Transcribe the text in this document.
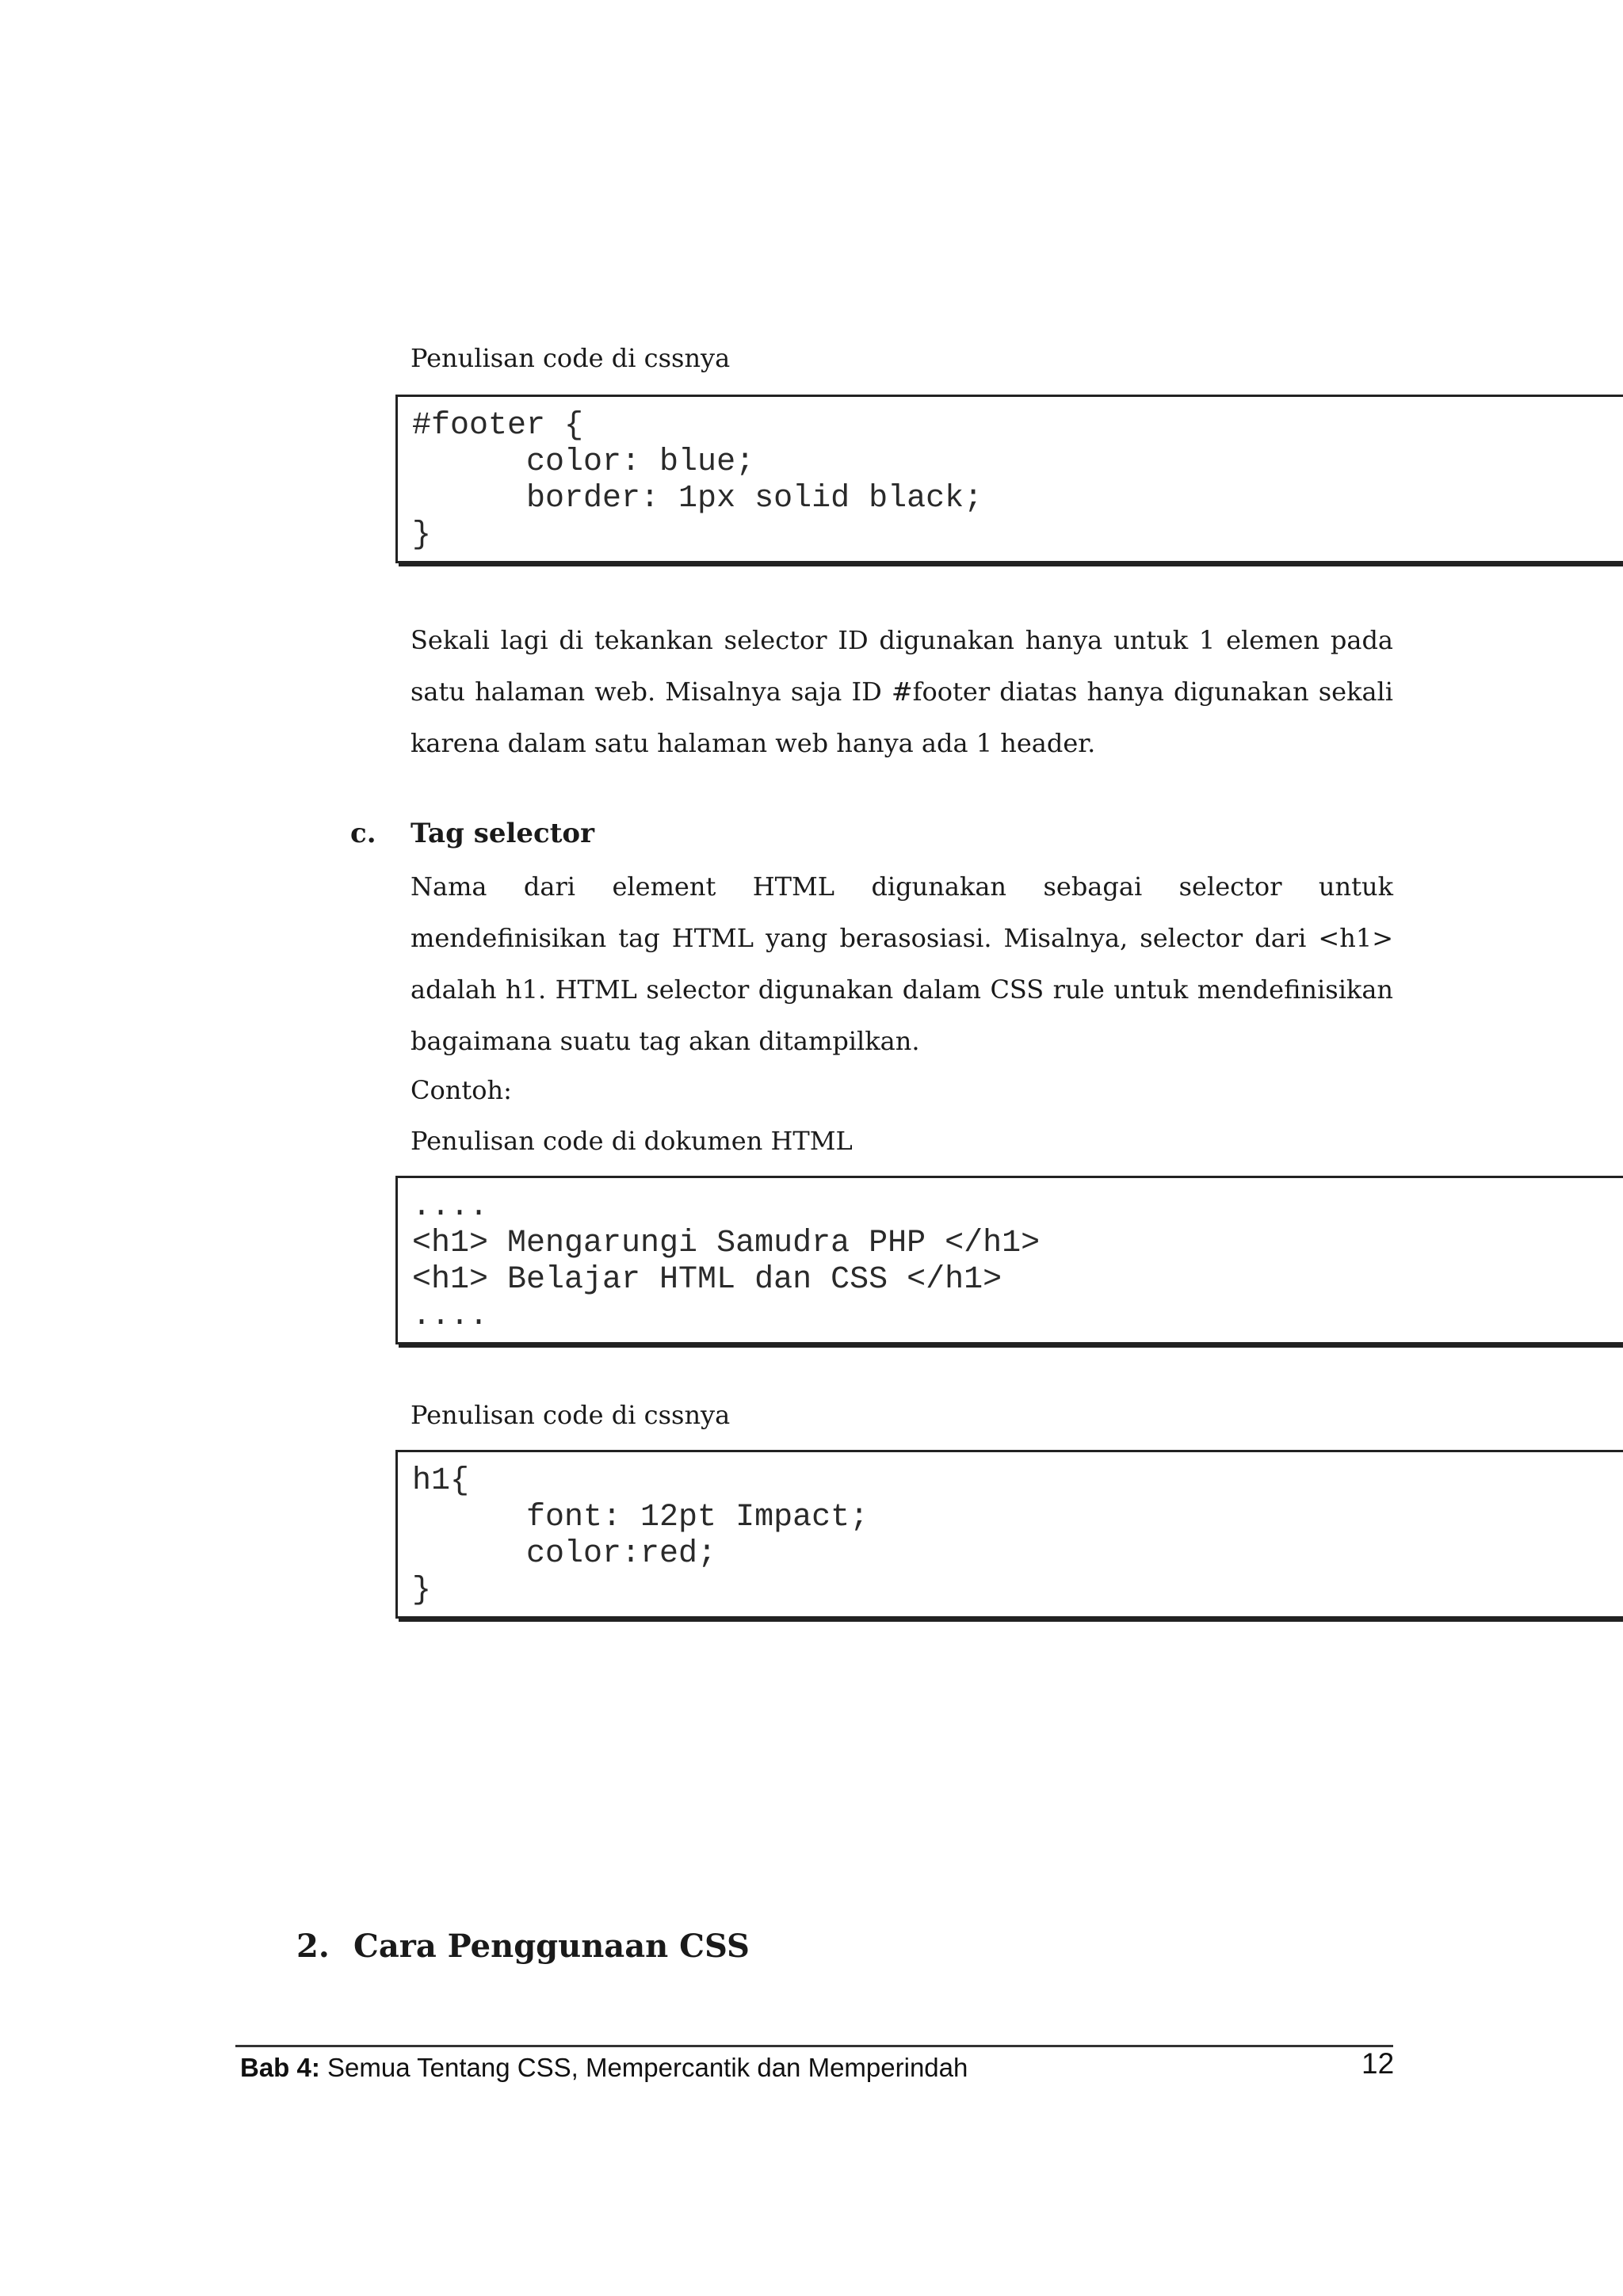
Penulisan code di cssnya
#footer {
color: blue;
border: 1px solid black;
}
Sekali lagi di tekankan selector ID digunakan hanya untuk 1 elemen pada satu halaman web. Misalnya saja ID #footer diatas hanya digunakan sekali karena dalam satu halaman web hanya ada 1 header.
c. Tag selector
Nama dari element HTML digunakan sebagai selector untuk mendefinisikan tag HTML yang berasosiasi. Misalnya, selector dari <h1> adalah h1. HTML selector digunakan dalam CSS rule untuk mendefinisikan bagaimana suatu tag akan ditampilkan.
Contoh:
Penulisan code di dokumen HTML
....
<h1> Mengarungi Samudra PHP </h1>
<h1> Belajar HTML dan CSS </h1>
....
Penulisan code di cssnya
h1{
font: 12pt Impact;
color:red;
}
2. Cara Penggunaan CSS
Bab 4: Semua Tentang CSS, Mempercantik dan Memperindah	12
